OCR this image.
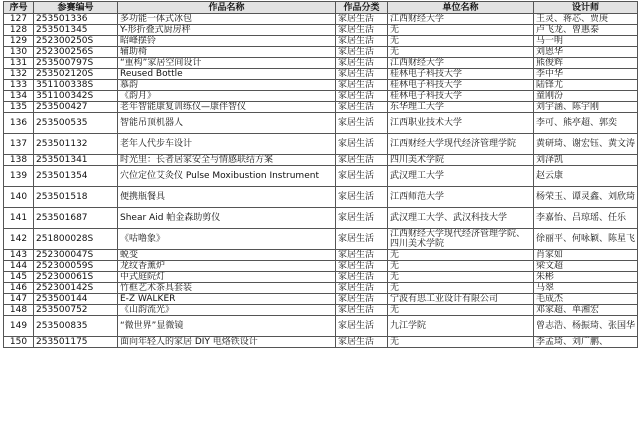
序号	参赛编号	作品名称	作品分类	单位名称	设计师
127	253501336	多功能一体式冰包	家居生活	江西财经大学	王灵、蒋芯、贾庚
128	253501345	Y-形折叠式厨房秤	家居生活	无	卢飞龙、曾惠泰
129	252300250S	昭峰摆铃	家居生活	无	马一明
130	252300256S	辅助椅	家居生活	无	刘恩华
131	253500797S	“重构”家居空间设计	家居生活	江西财经大学	熊俊辉
132	253502120S	Reused Bottle	家居生活	桂林电子科技大学	李中华
133	351100338S	慕韵	家居生活	桂林电子科技大学	陆锋尤
134	351100342S	《韵月》	家居生活	桂林电子科技大学	童刚汾
135	253500427	老年智能康复训练仪—康伴智仪	家居生活	东华理工大学	刘宇涵、陈宇刚
136	253500535	智能吊顶机器人	家居生活	江西职业技术大学	李可、熊亭超、郭奕
137	253501132	老年人代步车设计	家居生活	江西财经大学现代经济管理学院	黄研琦、谢宏钰、黄文涛
138	253501341	时光里：长者居家安全与情感联结方案	家居生活	四川美术学院	刘泽凯
139	253501354	穴位定位艾灸仪 Pulse Moxibustion Instrument	家居生活	武汉理工大学	赵云康
140	253501518	便携瓶餐具	家居生活	江西师范大学	杨荣玉、谭灵鑫、刘欣琦
141	253501687	Shear Aid 帕金森助剪仪	家居生活	武汉理工大学、武汉科技大学	李嘉怡、吕琼瑶、任乐
142	251800028S	《咕噜象》	家居生活	江西财经大学现代经济管理学院、四川美术学院	徐丽平、何咏颖、陈星飞
143	252300047S	蜕变	家居生活	无	肖家如
144	252300059S	龙纹香薰炉	家居生活	无	梁文超
145	252300061S	中式庭院灯	家居生活	无	朱彬
146	252300142S	竹框艺术茶具套装	家居生活	无	马翠
147	253500144	E-Z WALKER	家居生活	宁波有思工业设计有限公司	毛成杰
148	253500752	《山韵流光》	家居生活	无	邓家超、单湘宏
149	253500835	“微世界”显微镜	家居生活	九江学院	曾志浩、杨振琦、张国华
150	253501175	面向年轻人的家居 DIY 电烙铁设计	家居生活	无	李孟琦、刘广鹏、
